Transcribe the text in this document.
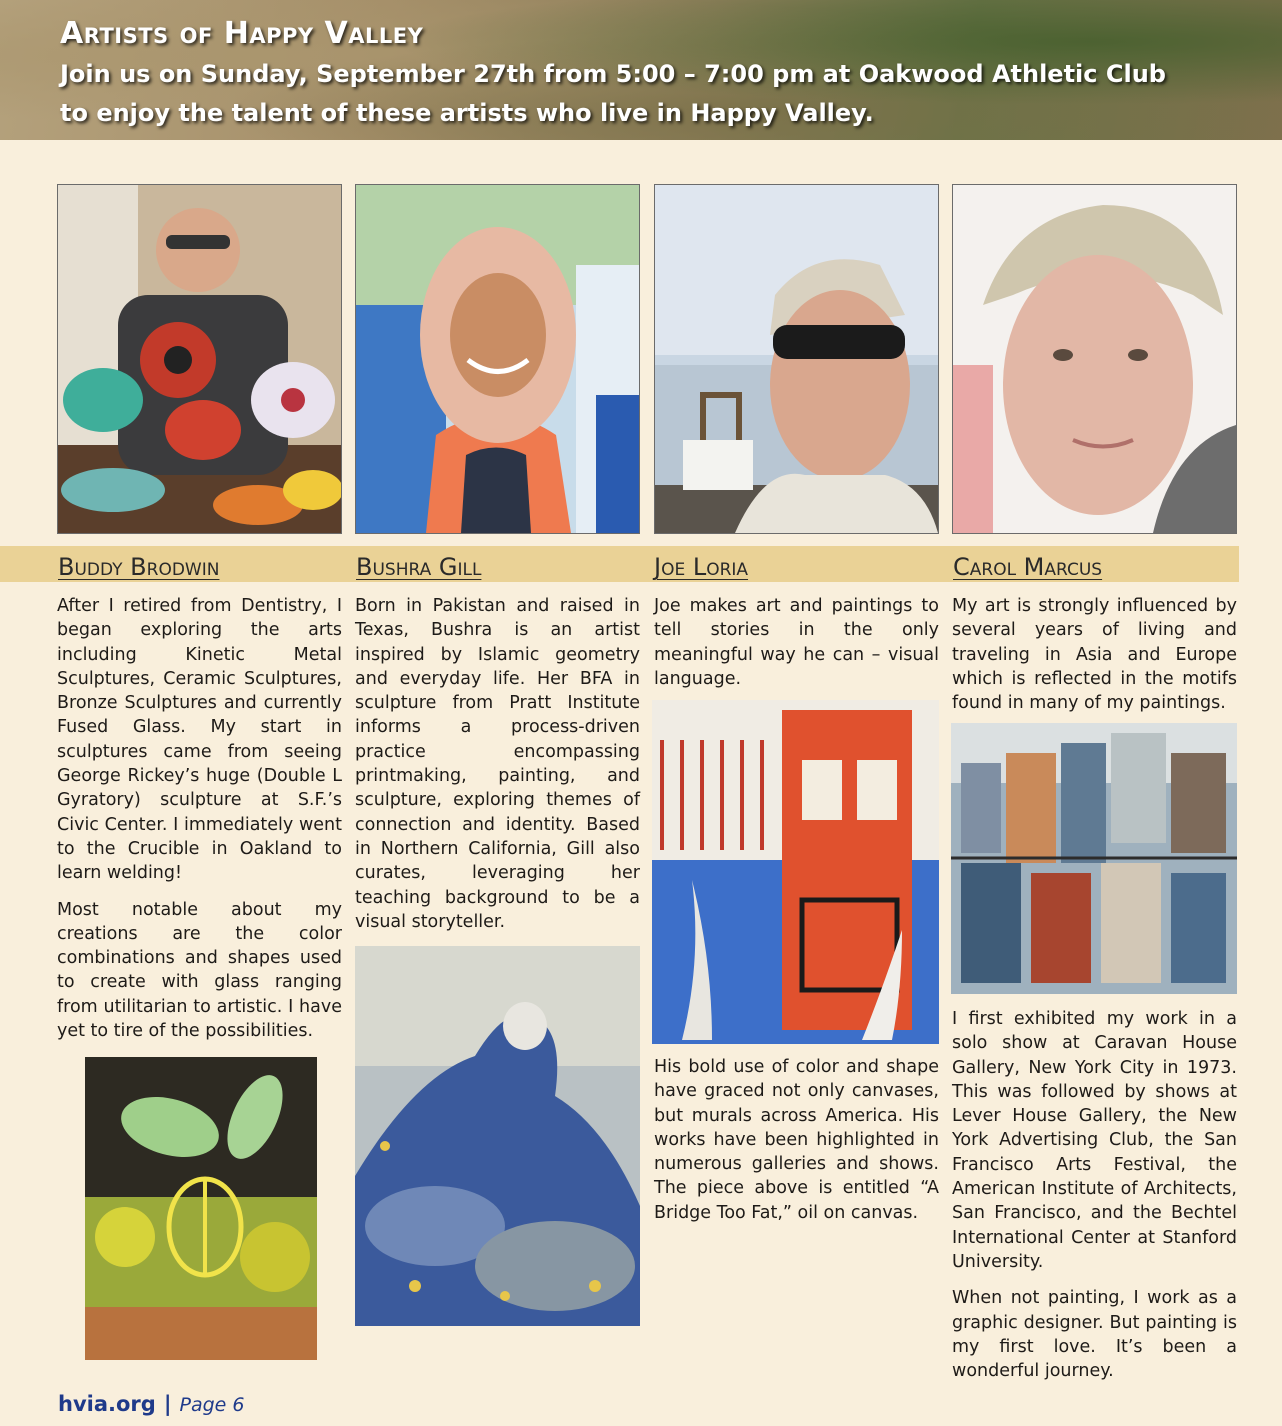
Artists of Happy Valley
Join us on Sunday, September 27th from 5:00 – 7:00 pm at Oakwood Athletic Club
to enjoy the talent of these artists who live in Happy Valley.
Buddy Brodwin

After I retired from Dentistry, I began exploring the arts including Kinetic Metal Sculptures, Ceramic Sculptures, Bronze Sculptures and currently Fused Glass. My start in sculptures came from seeing George Rickey’s huge (Double L Gyratory) sculpture at S.F.’s Civic Center. I immediately went to the Crucible in Oakland to learn welding!

Most notable about my creations are the color combinations and shapes used to create with glass ranging from utilitarian to artistic. I have yet to tire of the possibilities.

Bushra Gill

Born in Pakistan and raised in Texas, Bushra is an artist inspired by Islamic geometry and everyday life. Her BFA in sculpture from Pratt Institute informs a process-driven practice encompassing printmaking, painting, and sculpture, exploring themes of connection and identity. Based in Northern California, Gill also curates, leveraging her teaching background to be a visual storyteller.

Joe Loria

Joe makes art and paintings to tell stories in the only meaningful way he can – visual language.

His bold use of color and shape have graced not only canvases, but murals across America. His works have been highlighted in numerous galleries and shows. The piece above is entitled “A Bridge Too Fat,” oil on canvas.

Carol Marcus

My art is strongly influenced by several years of living and traveling in Asia and Europe which is reflected in the motifs found in many of my paintings.

I first exhibited my work in a solo show at Caravan House Gallery, New York City in 1973. This was followed by shows at Lever House Gallery, the New York Advertising Club, the San Francisco Arts Festival, the American Institute of Architects, San Francisco, and the Bechtel International Center at Stanford University.

When not painting, I work as a graphic designer. But painting is my first love. It’s been a wonderful journey.

hvia.org | Page 6
